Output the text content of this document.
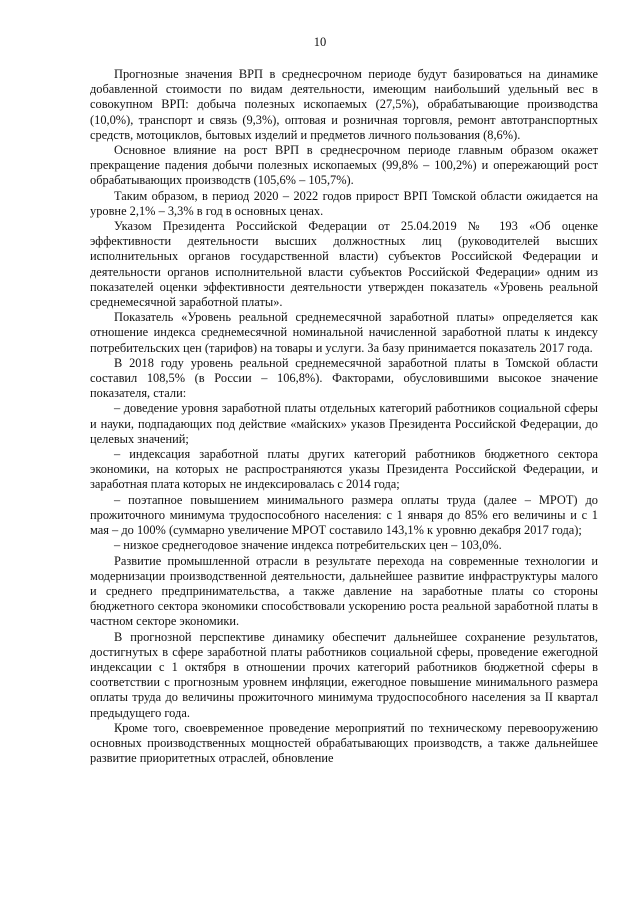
10

Прогнозные значения ВРП в среднесрочном периоде будут базироваться на динамике добавленной стоимости по видам деятельности, имеющим наибольший удельный вес в совокупном ВРП: добыча полезных ископаемых (27,5%), обрабатывающие производства (10,0%), транспорт и связь (9,3%), оптовая и розничная торговля, ремонт автотранспортных средств, мотоциклов, бытовых изделий и предметов личного пользования (8,6%).

Основное влияние на рост ВРП в среднесрочном периоде главным образом окажет прекращение падения добычи полезных ископаемых (99,8% – 100,2%) и опережающий рост обрабатывающих производств (105,6% – 105,7%).

Таким образом, в период 2020 – 2022 годов прирост ВРП Томской области ожидается на уровне 2,1% – 3,3% в год в основных ценах.

Указом Президента Российской Федерации от 25.04.2019 № 193 «Об оценке эффективности деятельности высших должностных лиц (руководителей высших исполнительных органов государственной власти) субъектов Российской Федерации и деятельности органов исполнительной власти субъектов Российской Федерации» одним из показателей оценки эффективности деятельности утвержден показатель «Уровень реальной среднемесячной заработной платы».

Показатель «Уровень реальной среднемесячной заработной платы» определяется как отношение индекса среднемесячной номинальной начисленной заработной платы к индексу потребительских цен (тарифов) на товары и услуги. За базу принимается показатель 2017 года.

В 2018 году уровень реальной среднемесячной заработной платы в Томской области составил 108,5% (в России – 106,8%). Факторами, обусловившими высокое значение показателя, стали:

– доведение уровня заработной платы отдельных категорий работников социальной сферы и науки, подпадающих под действие «майских» указов Президента Российской Федерации, до целевых значений;

– индексация заработной платы других категорий работников бюджетного сектора экономики, на которых не распространяются указы Президента Российской Федерации, и заработная плата которых не индексировалась с 2014 года;

– поэтапное повышением минимального размера оплаты труда (далее – МРОТ) до прожиточного минимума трудоспособного населения: с 1 января до 85% его величины и с 1 мая – до 100% (суммарно увеличение МРОТ составило 143,1% к уровню декабря 2017 года);

– низкое среднегодовое значение индекса потребительских цен – 103,0%.

Развитие промышленной отрасли в результате перехода на современные технологии и модернизации производственной деятельности, дальнейшее развитие инфраструктуры малого и среднего предпринимательства, а также давление на заработные платы со стороны бюджетного сектора экономики способствовали ускорению роста реальной заработной платы в частном секторе экономики.

В прогнозной перспективе динамику обеспечит дальнейшее сохранение результатов, достигнутых в сфере заработной платы работников социальной сферы, проведение ежегодной индексации с 1 октября в отношении прочих категорий работников бюджетной сферы в соответствии с прогнозным уровнем инфляции, ежегодное повышение минимального размера оплаты труда до величины прожиточного минимума трудоспособного населения за II квартал предыдущего года.

Кроме того, своевременное проведение мероприятий по техническому перевооружению основных производственных мощностей обрабатывающих производств, а также дальнейшее развитие приоритетных отраслей, обновление
